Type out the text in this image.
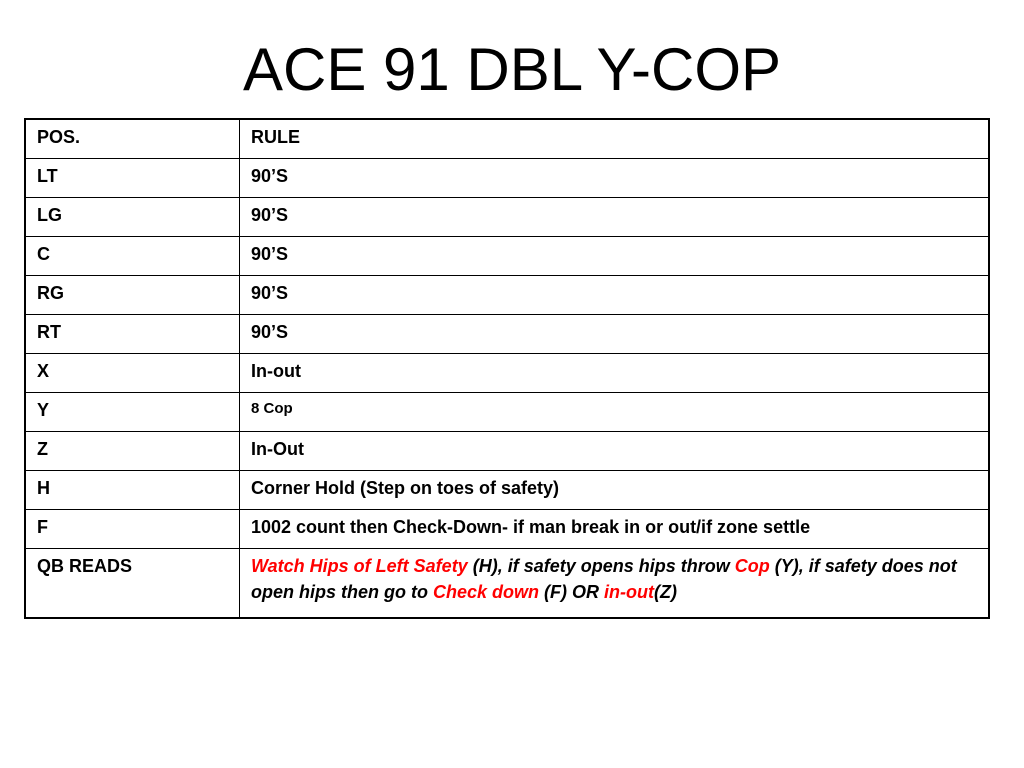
ACE 91 DBL Y-COP
POS.	RULE
LT	90’S
LG	90’S
C	90’S
RG	90’S
RT	90’S
X	In-out
Y	8 Cop
Z	In-Out
H	Corner Hold (Step on toes of safety)
F	1002 count then Check-Down- if man break in or out/if zone settle
QB READS	Watch Hips of Left Safety (H), if safety opens hips throw Cop (Y), if safety does not open hips then go to Check down (F) OR in-out(Z)
